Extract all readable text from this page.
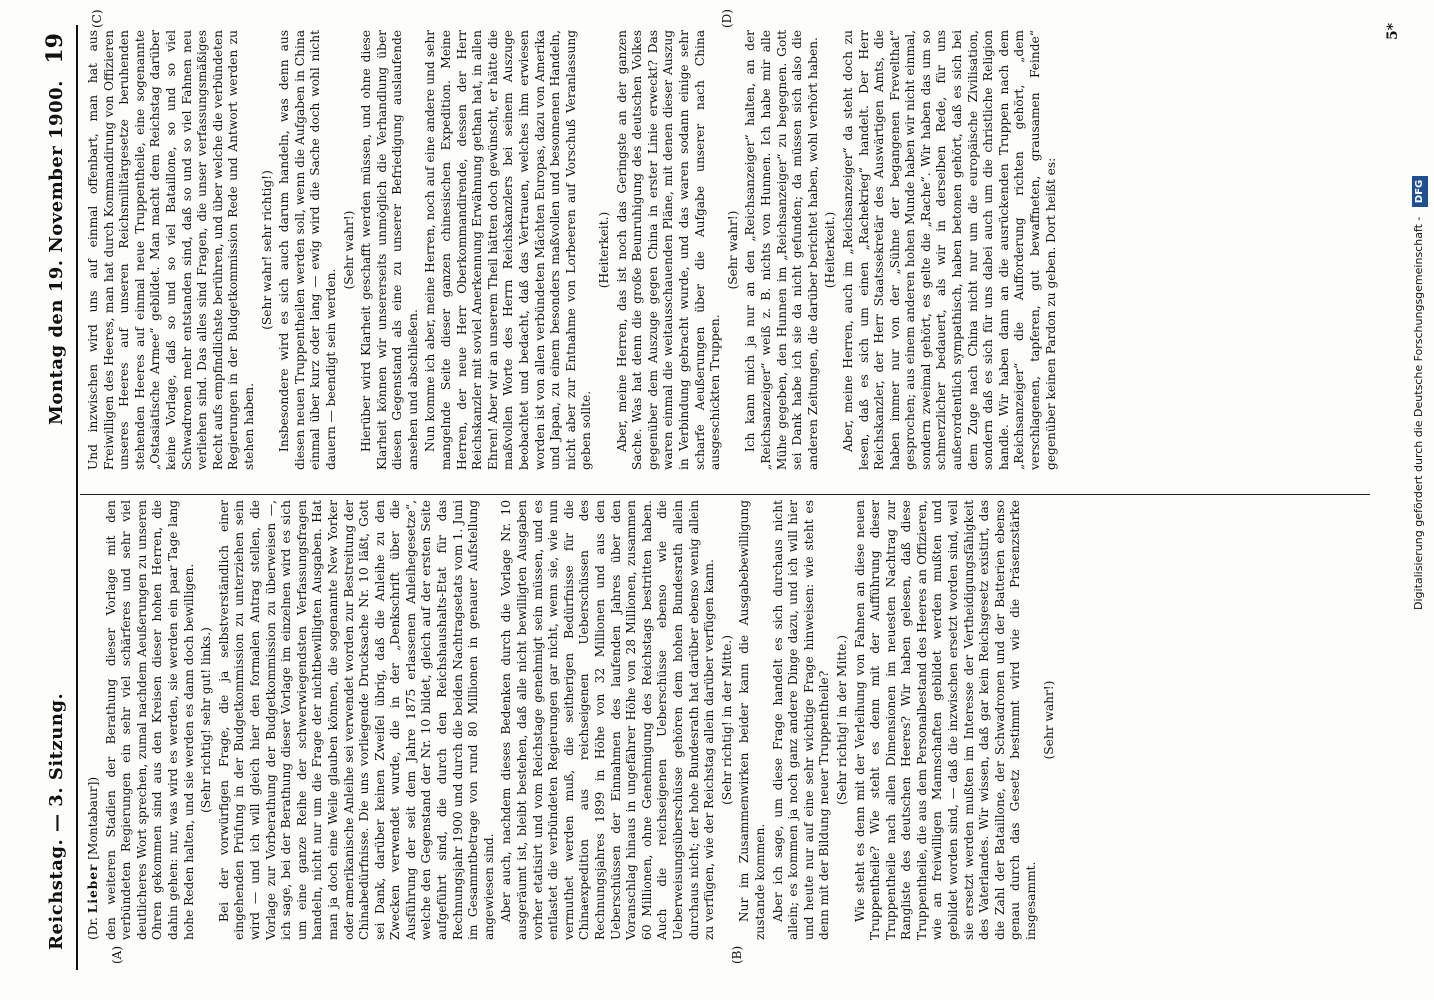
Reichstag. — 3. Sitzung.
Montag den 19. November 1900.
19
(A)	(B)
(C)	(D)

(Dr. Lieber [Montabaur]) den weiteren Stadien der Berathung dieser Vorlage mit den verbündeten Regierungen ein sehr viel schärferes und sehr viel deutlicheres Wort sprechen, zumal nachdem Aeußerungen zu unseren Ohren gekommen sind aus den Kreisen dieser hohen Herren, die dahin gehen: nur, was wird es werden, sie werden ein paar Tage lang hohe Reden halten, und sie werden es dann doch bewilligen. (Sehr richtig! sehr gut! links.) Bei der vorwürfigen Frage, die ja selbstverständlich einer eingehenden Prüfung in der Budgetkommission zu unterziehen sein wird — und ich will gleich hier den formalen Antrag stellen, die Vorlage zur Vorberathung der Budgetkommission zu überweisen —, ich sage, bei der Berathung dieser Vorlage im einzelnen wird es sich um eine ganze Reihe der schwerwiegendsten Verfassungsfragen handeln, nicht nur um die Frage der nichtbewilligten Ausgaben. Hat man ja doch eine Weile glauben können, die sogenannte New Yorker oder amerikanische Anleihe sei verwendet worden zur Bestreitung der Chinabedürfnisse. Die uns vorliegende Drucksache Nr. 10 läßt, Gott sei Dank, darüber keinen Zweifel übrig, daß die Anleihe zu den Zwecken verwendet wurde, die in der „Denkschrift über die Ausführung der seit dem Jahre 1875 erlassenen Anleihegesetze“, welche den Gegenstand der Nr. 10 bildet, gleich auf der ersten Seite aufgeführt sind, die durch den Reichshaushalts-Etat für das Rechnungsjahr 1900 und durch die beiden Nachtragsetats vom 1. Juni im Gesammtbetrage von rund 80 Millionen in genauer Aufstellung angewiesen sind. Aber auch, nachdem dieses Bedenken durch die Vorlage Nr. 10 ausgeräumt ist, bleibt bestehen, daß alle nicht bewilligten Ausgaben vorher etatisirt und vom Reichstage genehmigt sein müssen, und es entlastet die verbündeten Regierungen gar nicht, wenn sie, wie nun vermuthet werden muß, die seitherigen Bedürfnisse für die Chinaexpedition aus reichseigenen Ueberschüssen des Rechnungsjahres 1899 in Höhe von 32 Millionen und aus den Ueberschüssen der Einnahmen des laufenden Jahres über den Voranschlag hinaus in ungefährer Höhe von 28 Millionen, zusammen 60 Millionen, ohne Genehmigung des Reichstags bestritten haben. Auch die reichseigenen Ueberschüsse ebenso wie die Ueberweisungsüberschüsse gehören dem hohen Bundesrath allein durchaus nicht; der hohe Bundesrath hat darüber ebenso wenig allein zu verfügen, wie der Reichstag allein darüber verfügen kann. (Sehr richtig! in der Mitte.) Nur im Zusammenwirken beider kann die Ausgabebewilligung zustande kommen. Aber ich sage, um diese Frage handelt es sich durchaus nicht allein; es kommen ja noch ganz andere Dinge dazu, und ich will hier und heute nur auf eine sehr wichtige Frage hinweisen: wie steht es denn mit der Bildung neuer Truppentheile? (Sehr richtig! in der Mitte.) Wie steht es denn mit der Verleihung von Fahnen an diese neuen Truppentheile? Wie steht es denn mit der Aufführung dieser Truppentheile nach allen Dimensionen im neuesten Nachtrag zur Rangliste des deutschen Heeres? Wir haben gelesen, daß diese Truppentheile, die aus dem Personalbestand des Heeres an Offizieren, wie an freiwilligen Mannschaften gebildet werden mußten und gebildet worden sind, — daß die inzwischen ersetzt worden sind, weil sie ersetzt werden mußten im Interesse der Vertheidigungsfähigkeit des Vaterlandes. Wir wissen, daß gar kein Reichsgesetz existirt, das die Zahl der Bataillone, der Schwadronen und der Batterien ebenso genau durch das Gesetz bestimmt wird wie die Präsenzstärke insgesammt.

(Sehr wahr!)

Und inzwischen wird uns auf einmal offenbart, man hat aus Freiwilligen des Heeres, man hat durch Kommandirung von Offizieren unseres Heeres auf unseren Reichsmilitärgesetze beruhenden stehenden Heeres auf einmal neue Truppentheile, eine sogenannte „Ostasiatische Armee“ gebildet. Man macht dem Reichstag darüber keine Vorlage, daß so und so viel Bataillone, so und so viel Schwadronen mehr entstanden sind, daß so und so viel Fahnen neu verliehen sind. Das alles sind Fragen, die unser verfassungsmäßiges Recht aufs empfindlichste berühren, und über welche die verbündeten Regierungen in der Budgetkommission Rede und Antwort werden zu stehen haben.

(Sehr wahr! sehr richtig!) Insbesondere wird es sich auch darum handeln, was denn aus diesen neuen Truppentheilen werden soll, wenn die Aufgaben in China einmal über kurz oder lang — ewig wird die Sache doch wohl nicht dauern — beendigt sein werden.

(Sehr wahr!) Hierüber wird Klarheit geschafft werden müssen, und ohne diese Klarheit können wir unsererseits unmöglich die Verhandlung über diesen Gegenstand als eine zu unserer Befriedigung auslaufende ansehen und abschließen. Nun komme ich aber, meine Herren, noch auf eine andere und sehr mangelnde Seite dieser ganzen chinesischen Expedition. Meine Herren, der neue Herr Oberkommandirende, dessen der Herr Reichskanzler mit soviel Anerkennung Erwähnung gethan hat, in allen Ehren! Aber wir an unserem Theil hätten doch gewünscht, er hätte die maßvollen Worte des Herrn Reichskanzlers bei seinem Auszuge beobachtet und bedacht, daß das Vertrauen, welches ihm erwiesen worden ist von allen verbündeten Mächten Europas, dazu von Amerika und Japan, zu einem besonders maßvollen und besonnenen Handeln, nicht aber zur Entnahme von Lorbeeren auf Vorschuß Veranlassung geben sollte.

(Heiterkeit.) Aber, meine Herren, das ist noch das Geringste an der ganzen Sache. Was hat denn die große Beunruhigung des deutschen Volkes gegenüber dem Auszuge gegen China in erster Linie erweckt? Das waren einmal die weitausschauenden Pläne, mit denen dieser Auszug in Verbindung gebracht wurde, und das waren sodann einige sehr scharfe Aeußerungen über die Aufgabe unserer nach China ausgeschickten Truppen.

(Sehr wahr!) Ich kann mich ja nur an den „Reichsanzeiger“ halten, an der „Reichsanzeiger“ weiß z. B. nichts von Hunnen. Ich habe mir alle Mühe gegeben, den Hunnen im „Reichsanzeiger“ zu begegnen. Gott sei Dank habe ich sie da nicht gefunden; da müssen sich also die anderen Zeitungen, die darüber berichtet haben, wohl verhört haben. (Heiterkeit.) Aber, meine Herren, auch im „Reichsanzeiger“ da steht doch zu lesen, daß es sich um einen „Rachekrieg“ handelt. Der Herr Reichskanzler, der Herr Staatssekretär des Auswärtigen Amts, die haben immer nur von der „Sühne der begangenen Frevelthat“ gesprochen; aus einem anderen hohen Munde haben wir nicht einmal, sondern zweimal gehört, es gelte die „Rache“. Wir haben das um so schmerzlicher bedauert, als wir in derselben Rede, für uns außerordentlich sympathisch, haben betonen gehört, daß es sich bei dem Zuge nach China nicht nur um die europäische Zivilisation, sondern daß es sich für uns dabei auch um die christliche Religion handle. Wir haben dann an die ausrückenden Truppen nach dem „Reichsanzeiger“ die Aufforderung richten gehört, „dem verschlagenen, tapferen, gut bewaffneten, grausamen Feinde“ gegenüber keinen Pardon zu geben. Dort heißt es:

5*
Digitalisierung gefördert durch die Deutsche Forschungsgemeinschaft - DFG
